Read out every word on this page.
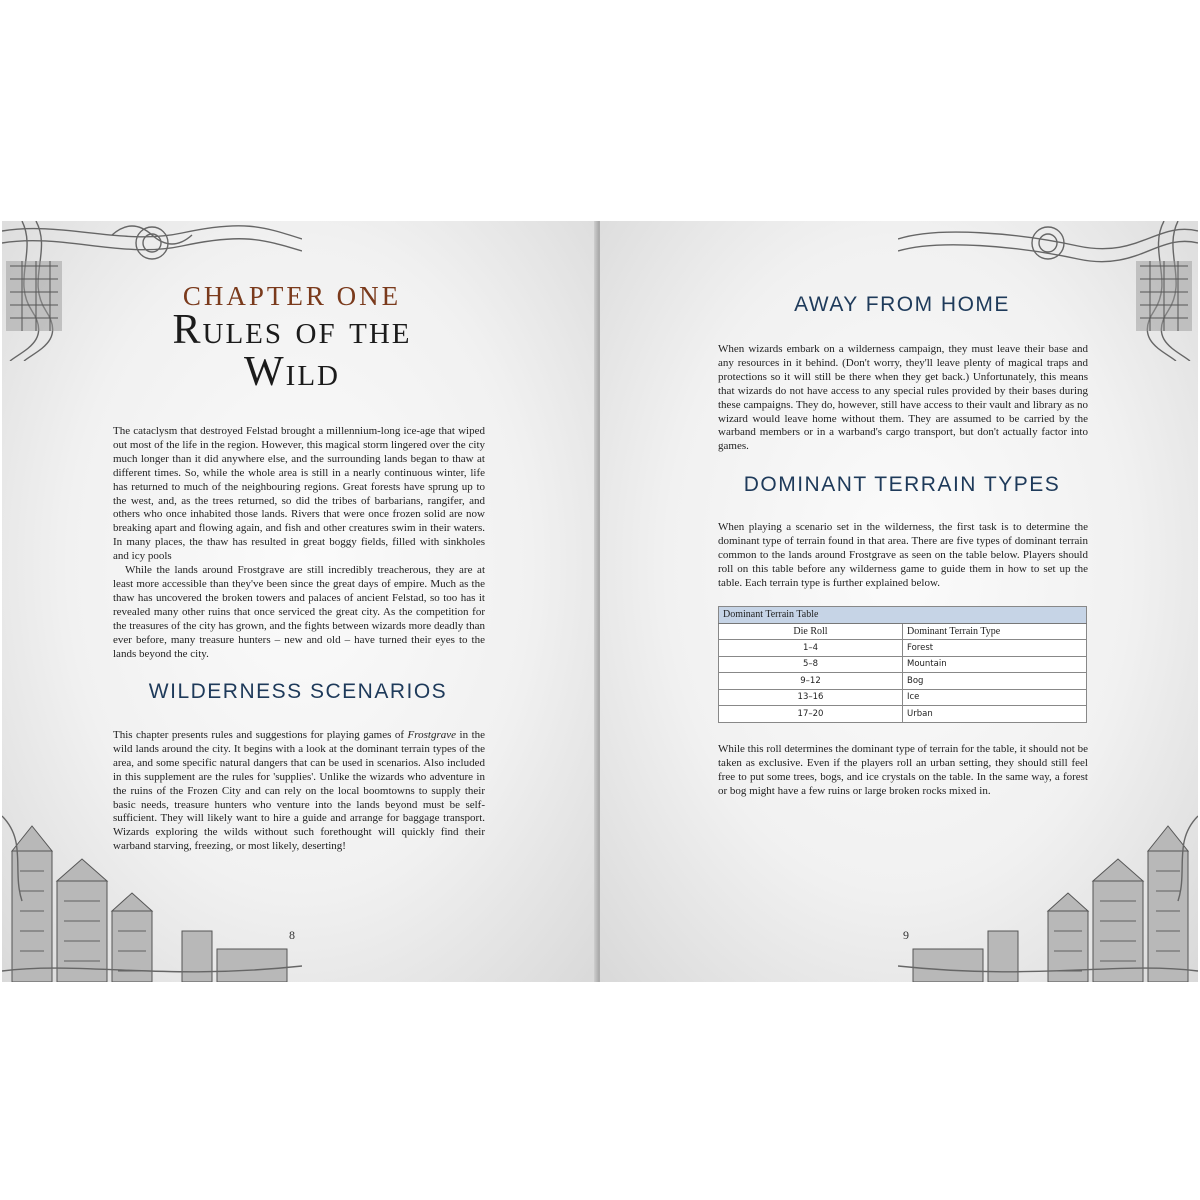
CHAPTER ONE
Rules of the
Wild

The cataclysm that destroyed Felstad brought a millennium-long ice-age that wiped out most of the life in the region. However, this magical storm lingered over the city much longer than it did anywhere else, and the surrounding lands began to thaw at different times. So, while the whole area is still in a nearly continuous winter, life has returned to much of the neighbouring regions. Great forests have sprung up to the west, and, as the trees returned, so did the tribes of barbarians, rangifer, and others who once inhabited those lands. Rivers that were once frozen solid are now breaking apart and flowing again, and fish and other creatures swim in their waters. In many places, the thaw has resulted in great boggy fields, filled with sinkholes and icy pools

While the lands around Frostgrave are still incredibly treacherous, they are at least more accessible than they've been since the great days of empire. Much as the thaw has uncovered the broken towers and palaces of ancient Felstad, so too has it revealed many other ruins that once serviced the great city. As the competition for the treasures of the city has grown, and the fights between wizards more deadly than ever before, many treasure hunters – new and old – have turned their eyes to the lands beyond the city.

WILDERNESS SCENARIOS

This chapter presents rules and suggestions for playing games of Frostgrave in the wild lands around the city. It begins with a look at the dominant terrain types of the area, and some specific natural dangers that can be used in scenarios. Also included in this supplement are the rules for 'supplies'. Unlike the wizards who adventure in the ruins of the Frozen City and can rely on the local boomtowns to supply their basic needs, treasure hunters who venture into the lands beyond must be self-sufficient. They will likely want to hire a guide and arrange for baggage transport. Wizards exploring the wilds without such forethought will quickly find their warband starving, freezing, or most likely, deserting!

8
AWAY FROM HOME

When wizards embark on a wilderness campaign, they must leave their base and any resources in it behind. (Don't worry, they'll leave plenty of magical traps and protections so it will still be there when they get back.) Unfortunately, this means that wizards do not have access to any special rules provided by their bases during these campaigns. They do, however, still have access to their vault and library as no wizard would leave home without them. They are assumed to be carried by the warband members or in a warband's cargo transport, but don't actually factor into games.

DOMINANT TERRAIN TYPES

When playing a scenario set in the wilderness, the first task is to determine the dominant type of terrain found in that area. There are five types of dominant terrain common to the lands around Frostgrave as seen on the table below. Players should roll on this table before any wilderness game to guide them in how to set up the table. Each terrain type is further explained below.

Dominant Terrain Table	
Die Roll	Dominant Terrain Type
1–4	Forest
5–8	Mountain
9–12	Bog
13–16	Ice
17–20	Urban

While this roll determines the dominant type of terrain for the table, it should not be taken as exclusive. Even if the players roll an urban setting, they should still feel free to put some trees, bogs, and ice crystals on the table. In the same way, a forest or bog might have a few ruins or large broken rocks mixed in.

9
